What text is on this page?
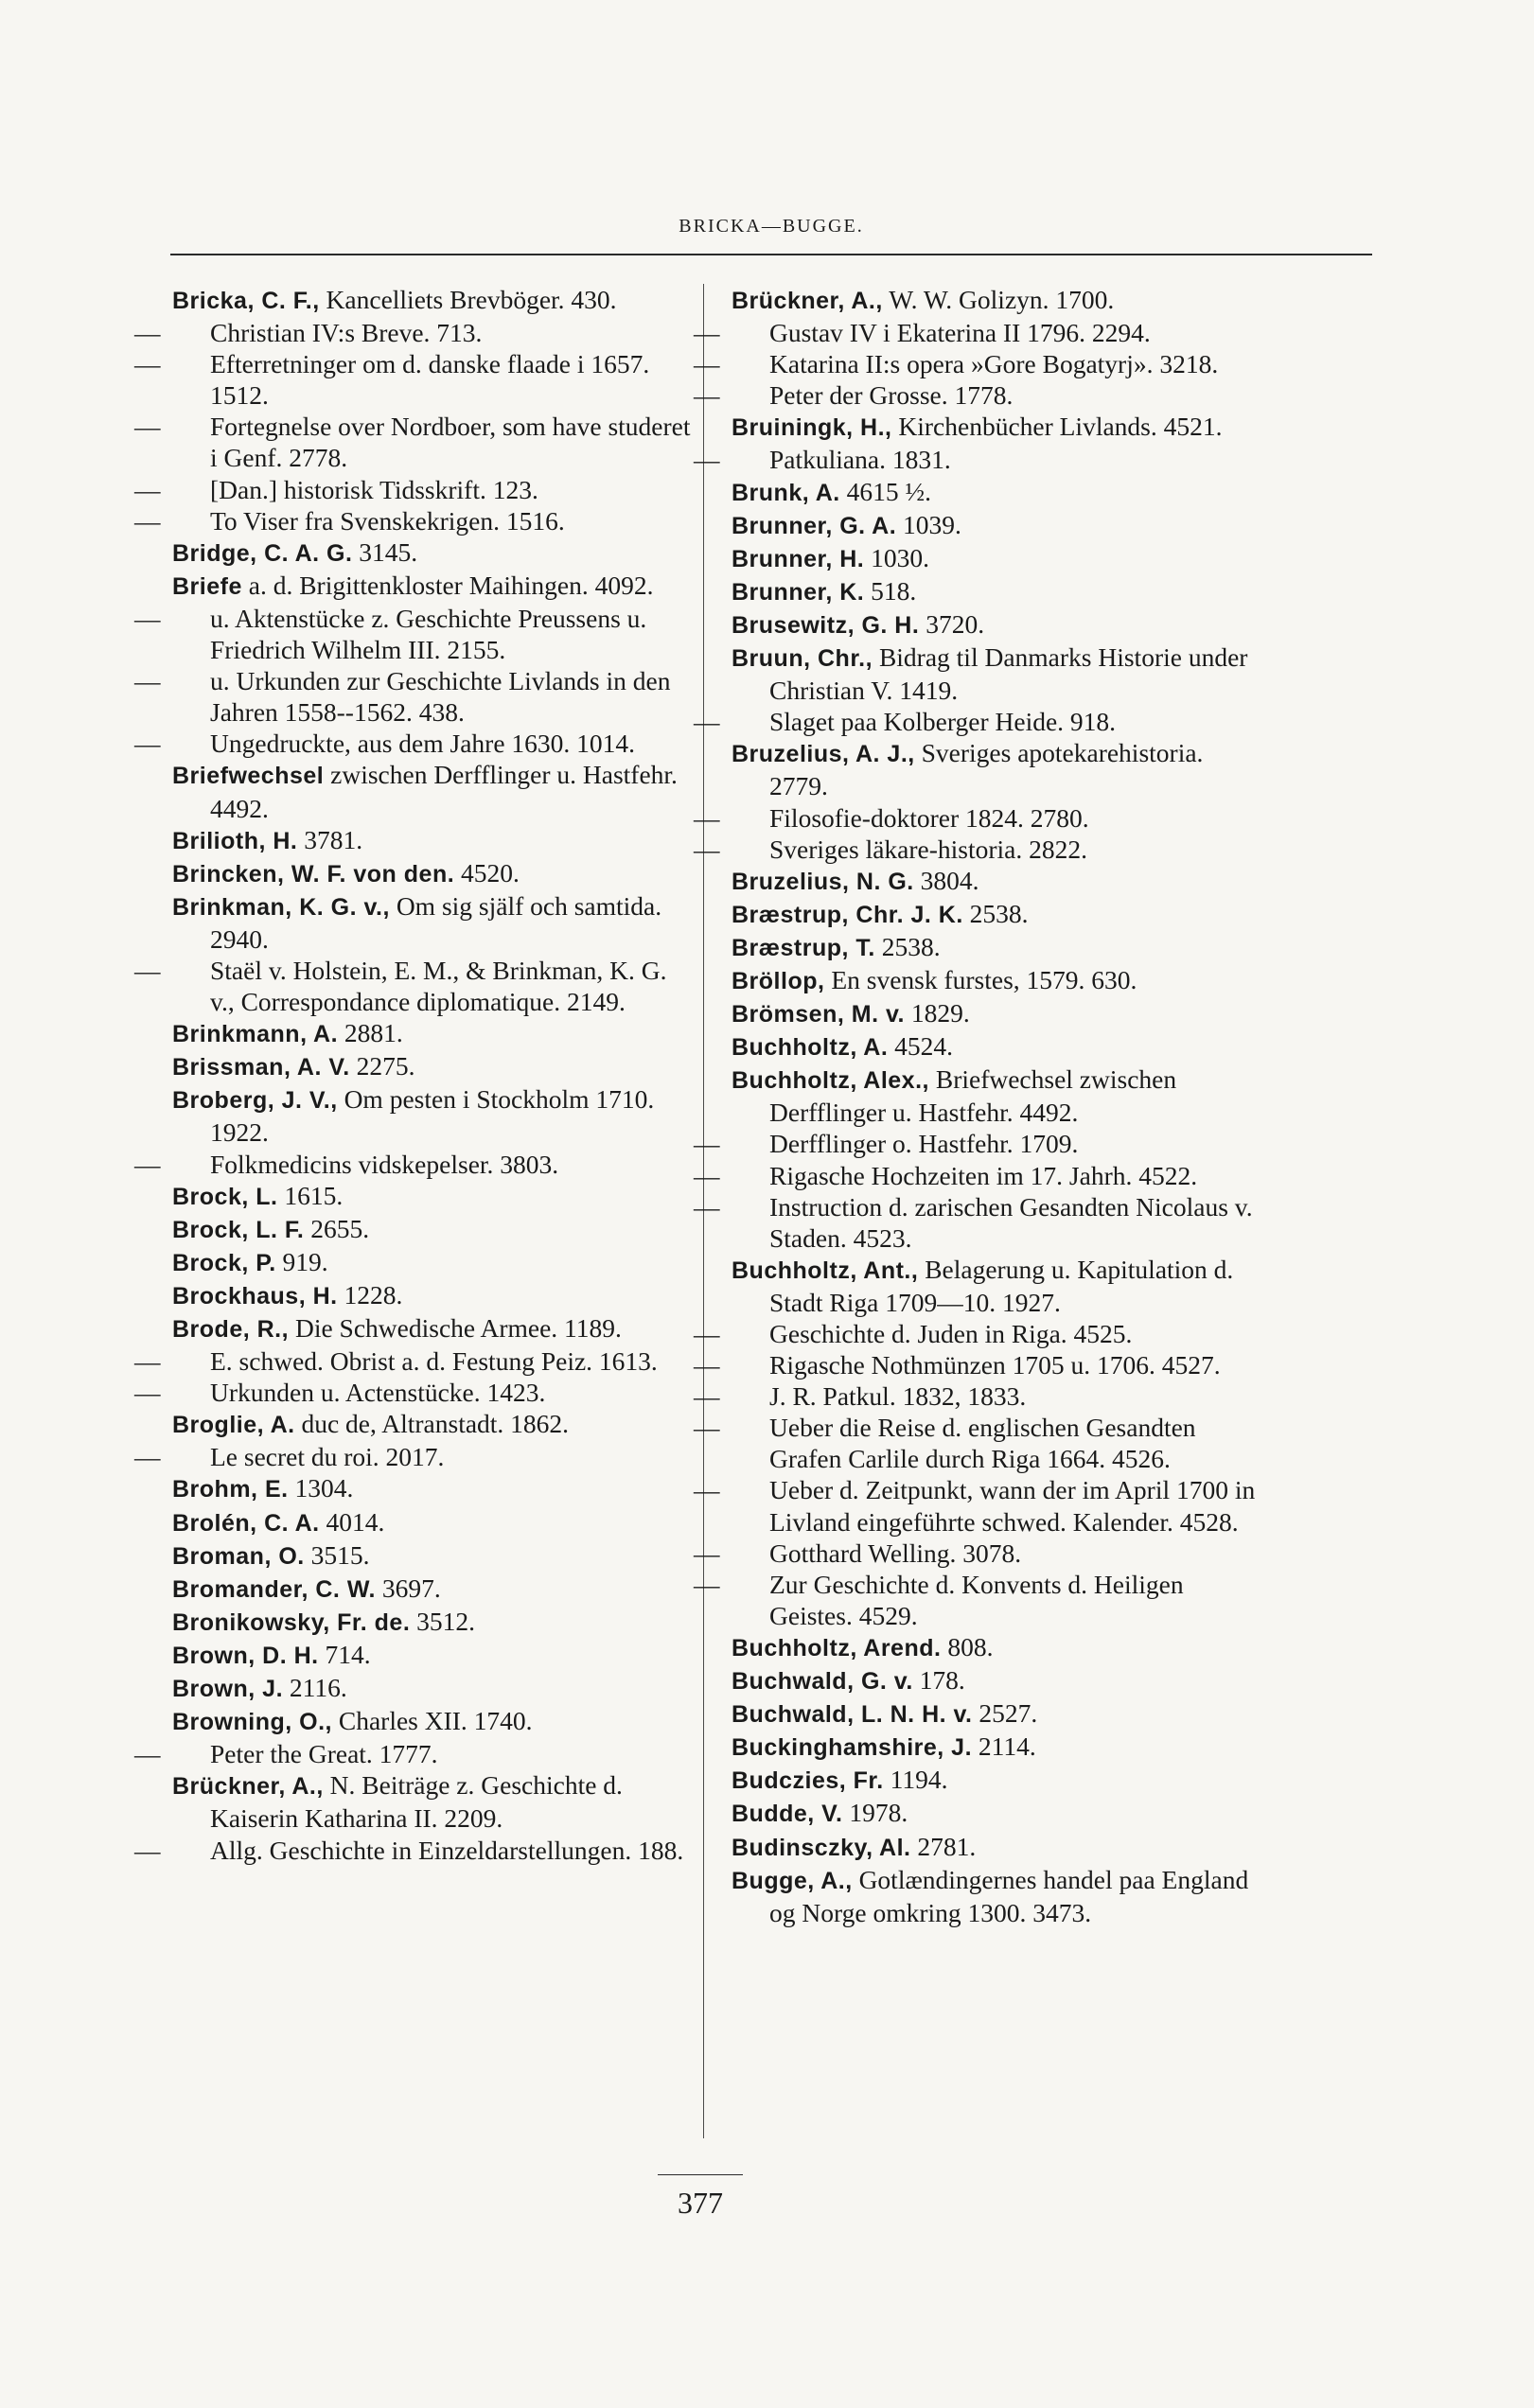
BRICKA—BUGGE.
Bricka, C. F., Kancelliets Brevböger. 430.
— Christian IV:s Breve. 713.
— Efterretninger om d. danske flaade i 1657. 1512.
— Fortegnelse over Nordboer, som have studeret i Genf. 2778.
— [Dan.] historisk Tidsskrift. 123.
— To Viser fra Svenskekrigen. 1516.
Bridge, C. A. G. 3145.
Briefe a. d. Brigittenkloster Maihingen. 4092.
— u. Aktenstücke z. Geschichte Preussens u. Friedrich Wilhelm III. 2155.
— u. Urkunden zur Geschichte Livlands in den Jahren 1558--1562. 438.
— Ungedruckte, aus dem Jahre 1630. 1014.
Briefwechsel zwischen Derfflinger u. Hastfehr. 4492.
Brilioth, H. 3781.
Brincken, W. F. von den. 4520.
Brinkman, K. G. v., Om sig själf och samtida. 2940.
— Staël v. Holstein, E. M., & Brinkman, K. G. v., Correspondance diplomatique. 2149.
Brinkmann, A. 2881.
Brissman, A. V. 2275.
Broberg, J. V., Om pesten i Stockholm 1710. 1922.
— Folkmedicins vidskepelser. 3803.
Brock, L. 1615.
Brock, L. F. 2655.
Brock, P. 919.
Brockhaus, H. 1228.
Brode, R., Die Schwedische Armee. 1189.
— E. schwed. Obrist a. d. Festung Peiz. 1613.
— Urkunden u. Actenstücke. 1423.
Broglie, A. duc de, Altranstadt. 1862.
— Le secret du roi. 2017.
Brohm, E. 1304.
Brolén, C. A. 4014.
Broman, O. 3515.
Bromander, C. W. 3697.
Bronikowsky, Fr. de. 3512.
Brown, D. H. 714.
Brown, J. 2116.
Browning, O., Charles XII. 1740.
— Peter the Great. 1777.
Brückner, A., N. Beiträge z. Geschichte d. Kaiserin Katharina II. 2209.
— Allg. Geschichte in Einzeldarstellungen. 188.
Brückner, A., W. W. Golizyn. 1700.
— Gustav IV i Ekaterina II 1796. 2294.
— Katarina II:s opera »Gore Bogatyrj». 3218.
— Peter der Grosse. 1778.
Bruiningk, H., Kirchenbücher Livlands. 4521.
— Patkuliana. 1831.
Brunk, A. 4615 ½.
Brunner, G. A. 1039.
Brunner, H. 1030.
Brunner, K. 518.
Brusewitz, G. H. 3720.
Bruun, Chr., Bidrag til Danmarks Historie under Christian V. 1419.
— Slaget paa Kolberger Heide. 918.
Bruzelius, A. J., Sveriges apotekarehistoria. 2779.
— Filosofie-doktorer 1824. 2780.
— Sveriges läkare-historia. 2822.
Bruzelius, N. G. 3804.
Bræstrup, Chr. J. K. 2538.
Bræstrup, T. 2538.
Bröllop, En svensk furstes, 1579. 630.
Brömsen, M. v. 1829.
Buchholtz, A. 4524.
Buchholtz, Alex., Briefwechsel zwischen Derfflinger u. Hastfehr. 4492.
— Derfflinger o. Hastfehr. 1709.
— Rigasche Hochzeiten im 17. Jahrh. 4522.
— Instruction d. zarischen Gesandten Nicolaus v. Staden. 4523.
Buchholtz, Ant., Belagerung u. Kapitulation d. Stadt Riga 1709—10. 1927.
— Geschichte d. Juden in Riga. 4525.
— Rigasche Nothmünzen 1705 u. 1706. 4527.
— J. R. Patkul. 1832, 1833.
— Ueber die Reise d. englischen Gesandten Grafen Carlile durch Riga 1664. 4526.
— Ueber d. Zeitpunkt, wann der im April 1700 in Livland eingeführte schwed. Kalender. 4528.
— Gotthard Welling. 3078.
— Zur Geschichte d. Konvents d. Heiligen Geistes. 4529.
Buchholtz, Arend. 808.
Buchwald, G. v. 178.
Buchwald, L. N. H. v. 2527.
Buckinghamshire, J. 2114.
Budczies, Fr. 1194.
Budde, V. 1978.
Budinsczky, Al. 2781.
Bugge, A., Gotlændingernes handel paa England og Norge omkring 1300. 3473.
377
